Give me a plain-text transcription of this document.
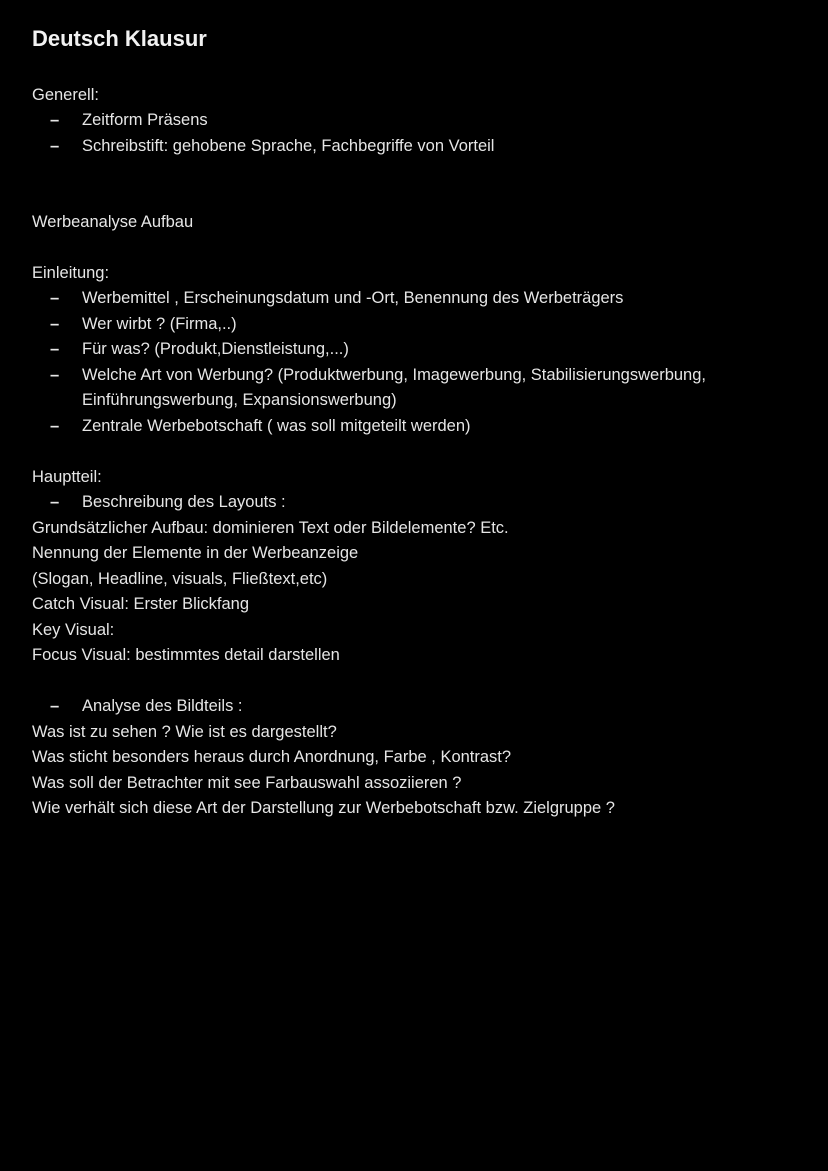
Deutsch Klausur
Generell:
– Zeitform Präsens
– Schreibstift: gehobene Sprache, Fachbegriffe von Vorteil
Werbeanalyse Aufbau
Einleitung:
– Werbemittel , Erscheinungsdatum und -Ort, Benennung des Werbeträgers
– Wer wirbt ? (Firma,..)
– Für was? (Produkt,Dienstleistung,...)
– Welche Art von Werbung? (Produktwerbung, Imagewerbung, Stabilisierungswerbung, Einführungswerbung, Expansionswerbung)
– Zentrale Werbebotschaft ( was soll mitgeteilt werden)
Hauptteil:
– Beschreibung des Layouts :
Grundsätzlicher Aufbau: dominieren Text oder Bildelemente? Etc.
Nennung der Elemente in der Werbeanzeige
(Slogan, Headline, visuals, Fließtext,etc)
Catch Visual: Erster Blickfang
Key Visual:
Focus Visual: bestimmtes detail darstellen
– Analyse des Bildteils :
Was ist zu sehen ? Wie ist es dargestellt?
Was sticht besonders heraus durch Anordnung, Farbe , Kontrast?
Was soll der Betrachter mit see Farbauswahl assoziieren ?
Wie verhält sich diese Art der Darstellung zur Werbebotschaft bzw. Zielgruppe ?
